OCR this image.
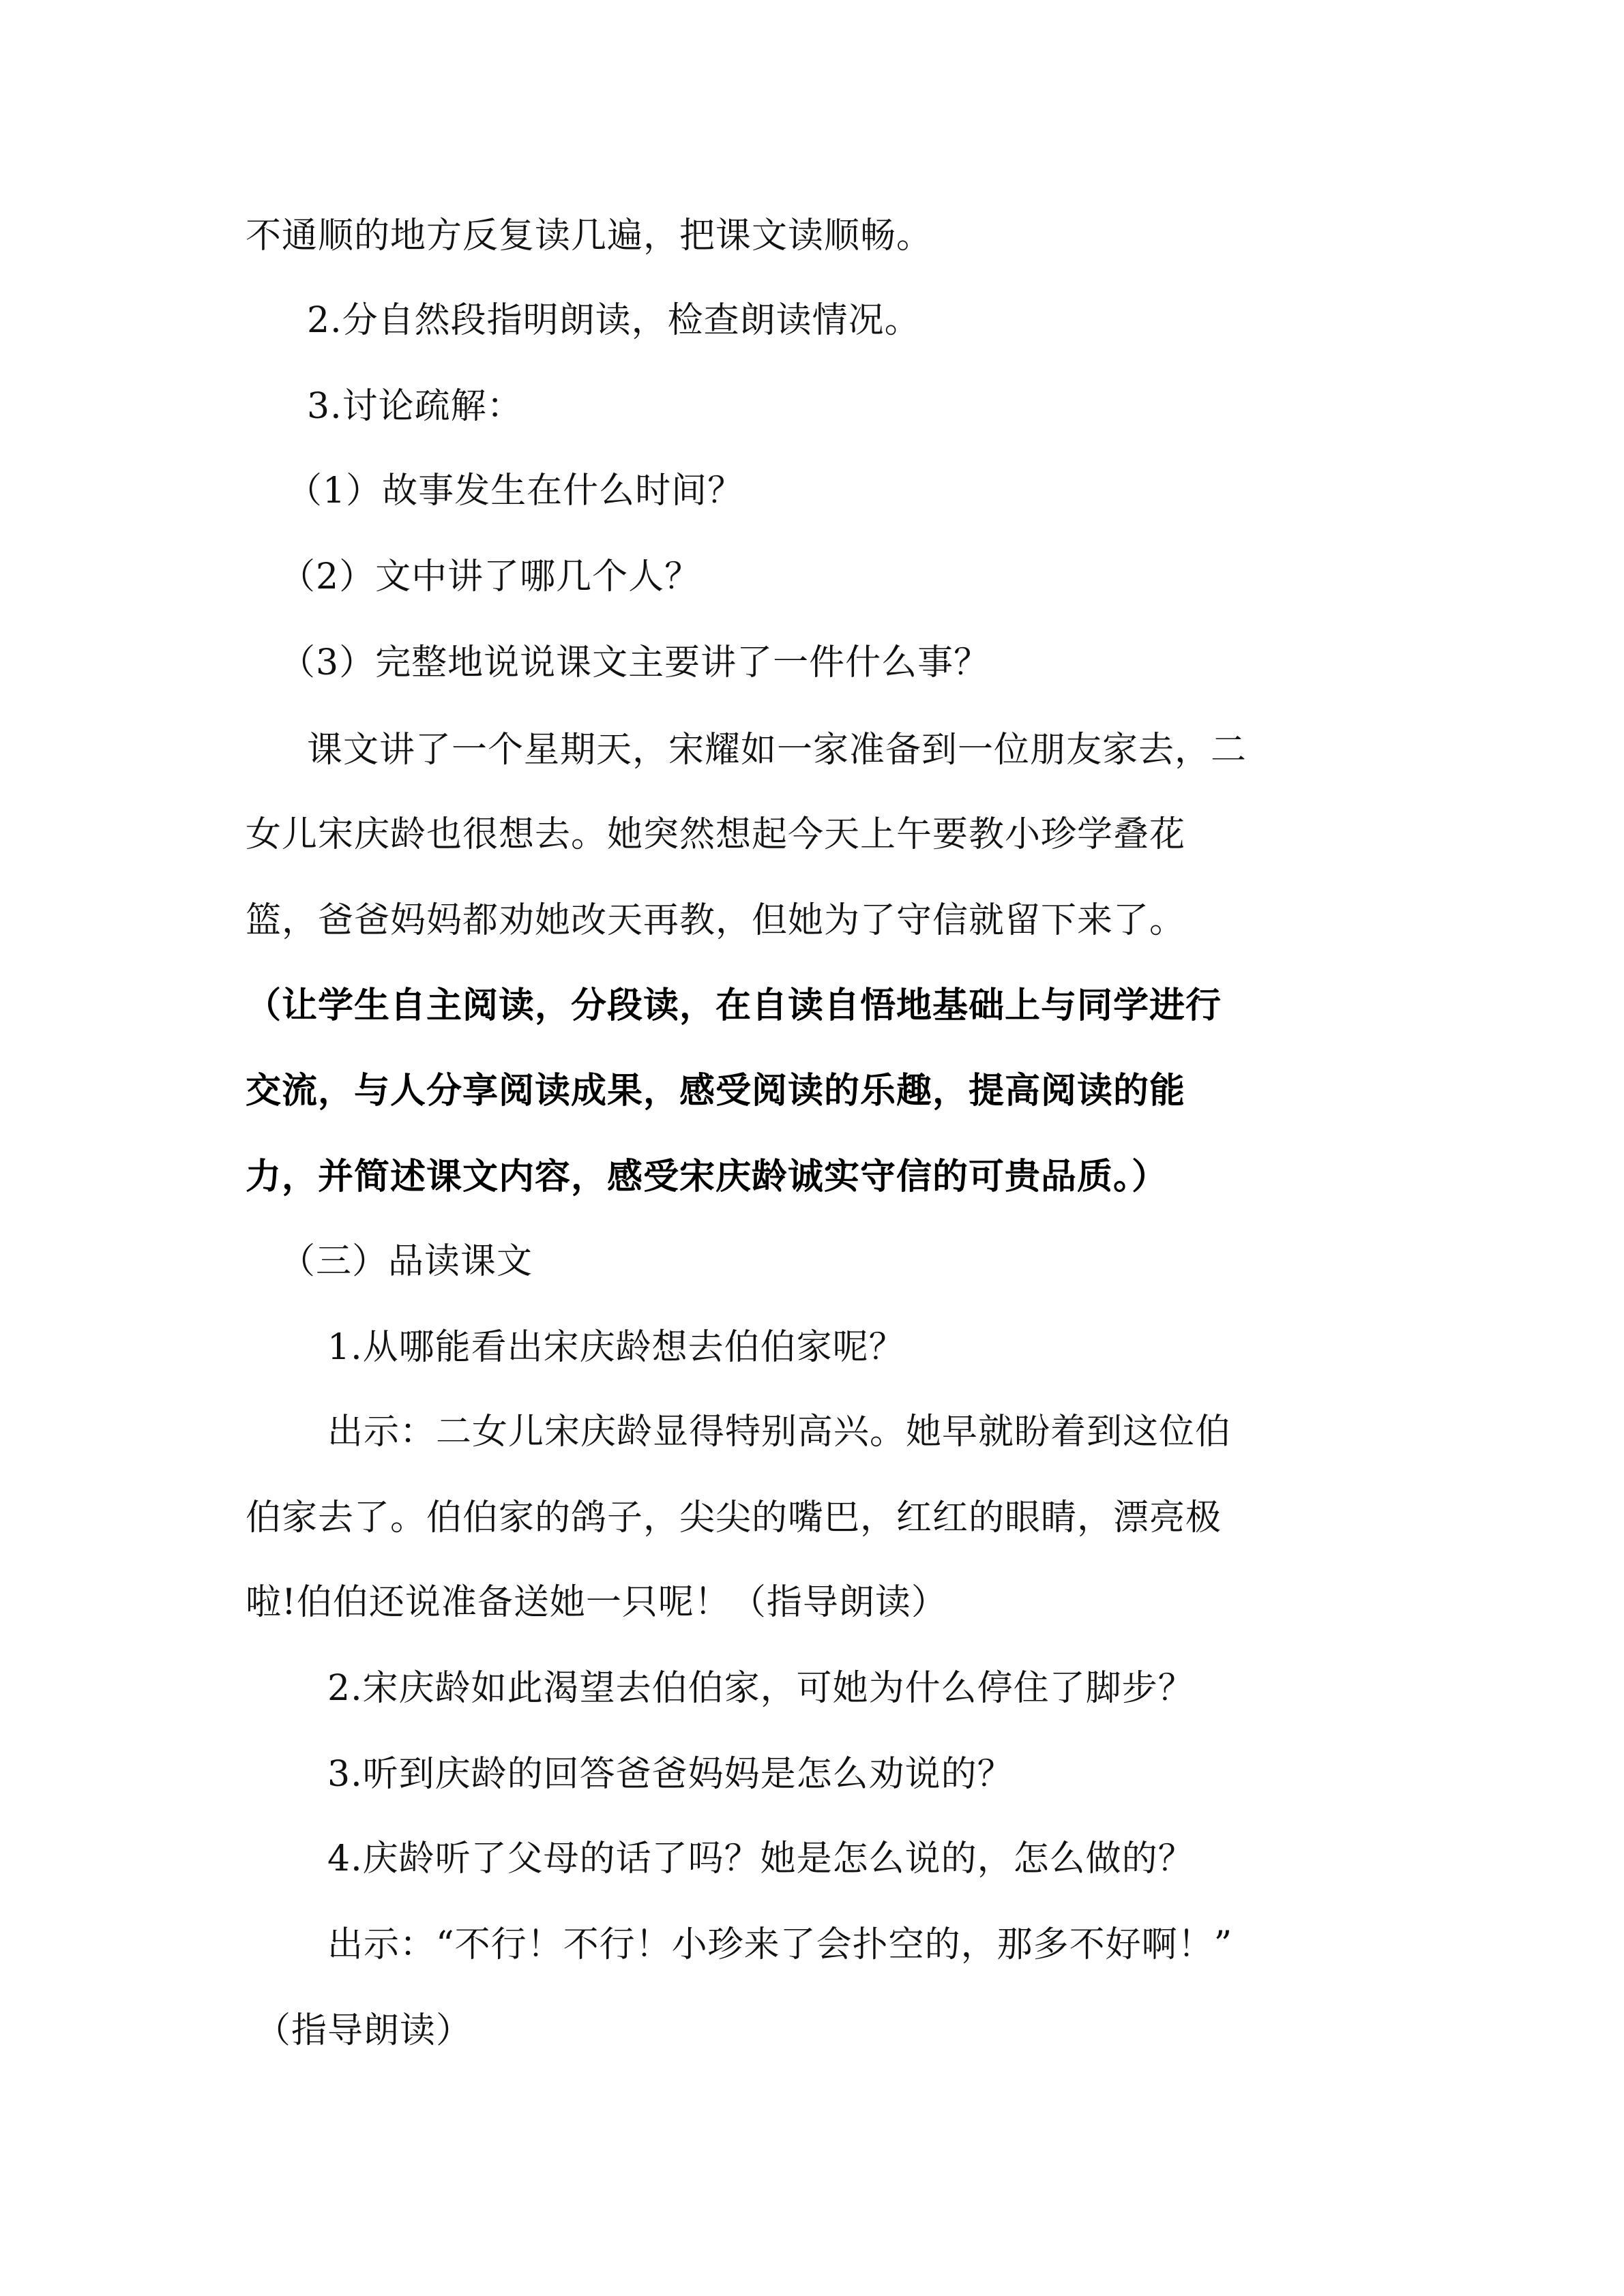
不通顺的地方反复读几遍，把课文读顺畅。
2.分自然段指明朗读，检查朗读情况。
3.讨论疏解：
（1）故事发生在什么时间？
（2）文中讲了哪几个人？
（3）完整地说说课文主要讲了一件什么事？
课文讲了一个星期天，宋耀如一家准备到一位朋友家去，二
女儿宋庆龄也很想去。她突然想起今天上午要教小珍学叠花
篮，爸爸妈妈都劝她改天再教，但她为了守信就留下来了。
（让学生自主阅读，分段读，在自读自悟地基础上与同学进行
交流，与人分享阅读成果，感受阅读的乐趣，提高阅读的能
力，并简述课文内容，感受宋庆龄诚实守信的可贵品质。）
（三）品读课文
1.从哪能看出宋庆龄想去伯伯家呢？
出示：二女儿宋庆龄显得特别高兴。她早就盼着到这位伯
伯家去了。伯伯家的鸽子，尖尖的嘴巴，红红的眼睛，漂亮极
啦!伯伯还说准备送她一只呢！（指导朗读）
2.宋庆龄如此渴望去伯伯家，可她为什么停住了脚步？
3.听到庆龄的回答爸爸妈妈是怎么劝说的？
4.庆龄听了父母的话了吗？她是怎么说的，怎么做的？
出示：“不行！不行！小珍来了会扑空的，那多不好啊！”
（指导朗读）
